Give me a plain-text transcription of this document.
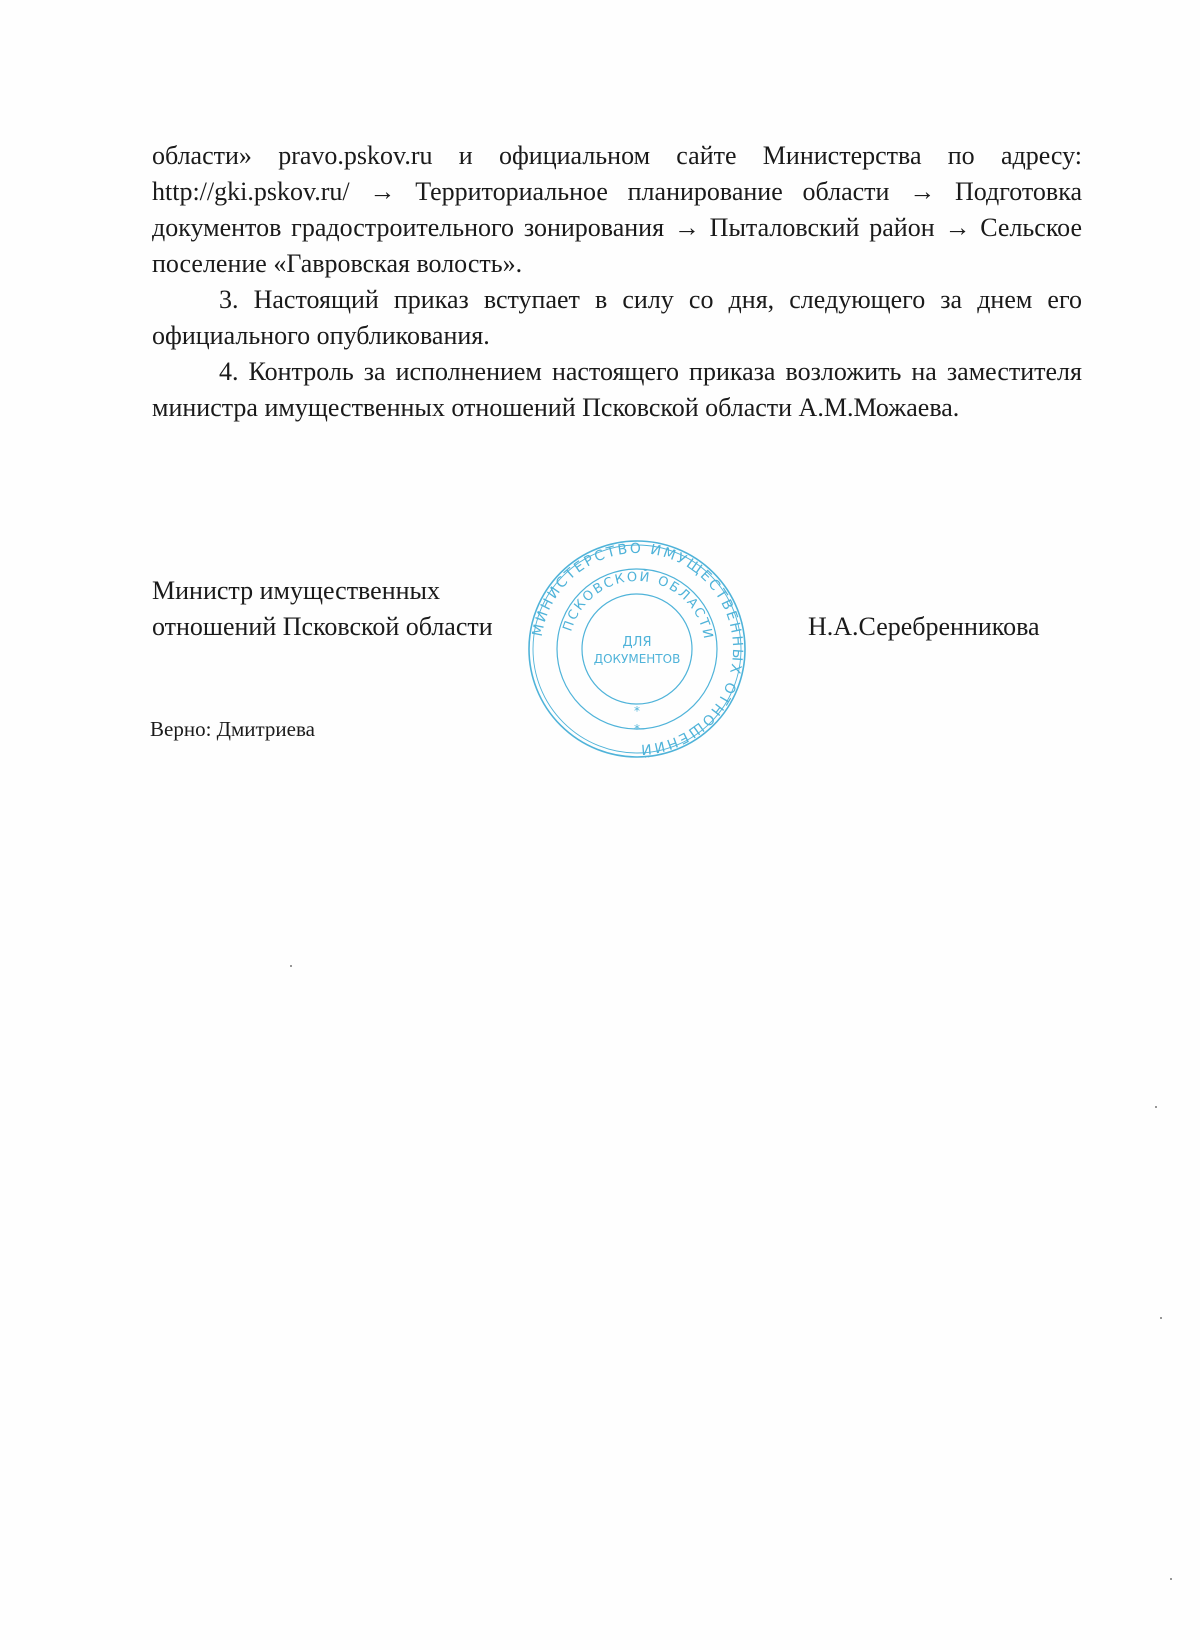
области» pravo.pskov.ru и официальном сайте Министерства по адресу: http://gki.pskov.ru/ → Территориальное планирование области → Подготовка документов градостроительного зонирования → Пыталовский район → Сельское поселение «Гавровская волость».

3. Настоящий приказ вступает в силу со дня, следующего за днем его официального опубликования.

4. Контроль за исполнением настоящего приказа возложить на заместителя министра имущественных отношений Псковской области А.М.Можаева.

Министр имущественных
отношений Псковской области	Н.А.Серебренникова
Верно: Дмитриева
МИНИСТЕРСТВО ИМУЩЕСТВЕННЫХ ОТНОШЕНИЙ
ПСКОВСКОЙ ОБЛАСТИ
ДЛЯ
ДОКУМЕНТОВ
*
*
